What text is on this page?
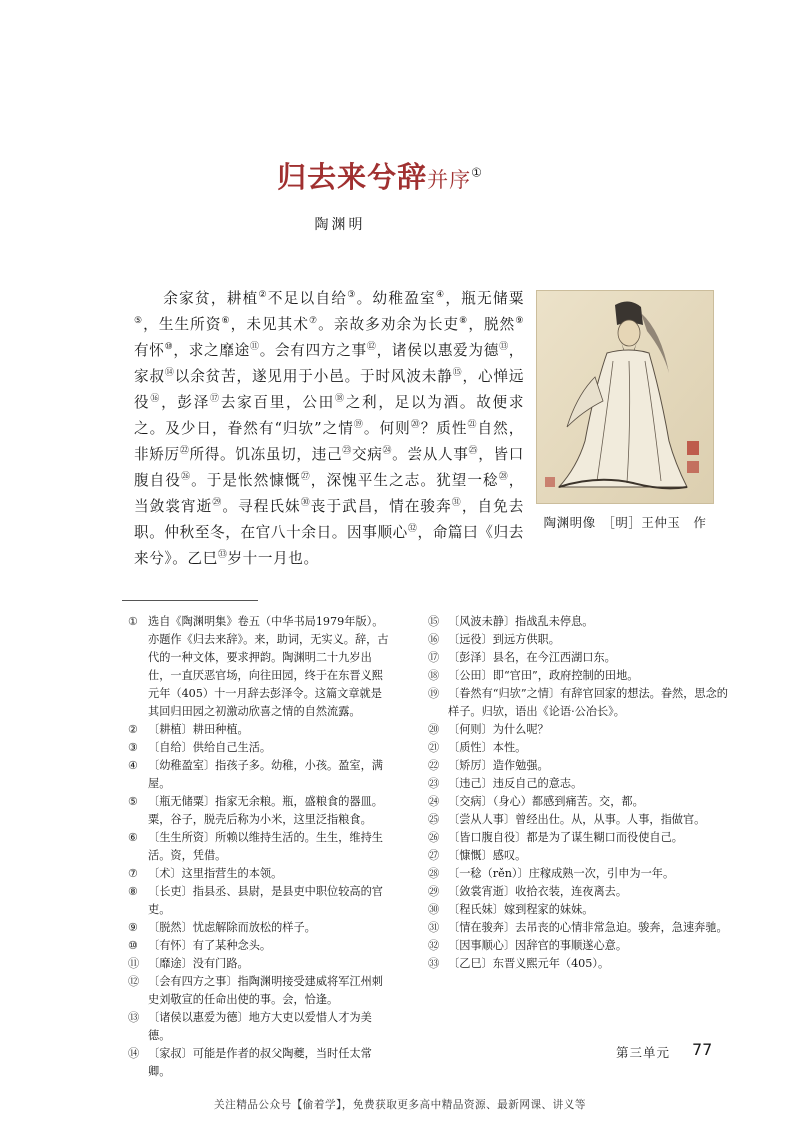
归去来兮辞并序①
陶渊明
余家贫，耕植②不足以自给③。幼稚盈室④，瓶无储粟⑤，生生所资⑥，未见其术⑦。亲故多劝余为长吏⑧，脱然⑨有怀⑩，求之靡途⑪。会有四方之事⑫，诸侯以惠爱为德⑬，家叔⑭以余贫苦，遂见用于小邑。于时风波未静⑮，心惮远役⑯，彭泽⑰去家百里，公田⑱之利，足以为酒。故便求之。及少日，眷然有“归欤”之情⑲。何则⑳？质性$^㉑$自然，非矫厉$^㉒$所得。饥冻虽切，违己$^㉓$交病$^㉔$。尝从人事$^㉕$，皆口腹自役$^㉖$。于是怅然慷慨$^㉗$，深愧平生之志。犹望一稔$^㉘$，当敛裳宵逝$^㉙$。寻程氏妹$^㉚$丧于武昌，情在骏奔$^㉛$，自免去职。仲秋至冬，在官八十余日。因事顺心$^㉜$，命篇曰《归去来兮》。乙巳$^㉝$岁十一月也。
陶渊明像　［明］王仲玉　作
① 选自《陶渊明集》卷五（中华书局1979年版）。亦题作《归去来辞》。来，助词，无实义。辞，古代的一种文体，要求押韵。陶渊明二十九岁出仕，一直厌恶官场，向往田园，终于在东晋义熙元年（405）十一月辞去彭泽令。这篇文章就是其回归田园之初激动欣喜之情的自然流露。
② 〔耕植〕耕田种植。
③ 〔自给〕供给自己生活。
④ 〔幼稚盈室〕指孩子多。幼稚，小孩。盈室，满屋。
⑤ 〔瓶无储粟〕指家无余粮。瓶，盛粮食的器皿。粟，谷子，脱壳后称为小米，这里泛指粮食。
⑥ 〔生生所资〕所赖以维持生活的。生生，维持生活。资，凭借。
⑦ 〔术〕这里指营生的本领。
⑧ 〔长吏〕指县丞、县尉，是县吏中职位较高的官吏。
⑨ 〔脱然〕忧虑解除而放松的样子。
⑩ 〔有怀〕有了某种念头。
⑪ 〔靡途〕没有门路。
⑫ 〔会有四方之事〕指陶渊明接受建威将军江州刺史刘敬宣的任命出使的事。会，恰逢。
⑬ 〔诸侯以惠爱为德〕地方大吏以爱惜人才为美德。
⑭ 〔家叔〕可能是作者的叔父陶夔，当时任太常卿。
⑮ 〔风波未静〕指战乱未停息。
⑯ 〔远役〕到远方供职。
⑰ 〔彭泽〕县名，在今江西湖口东。
⑱ 〔公田〕即“官田”，政府控制的田地。
⑲ 〔眷然有“归欤”之情〕有辞官回家的想法。眷然，思念的样子。归欤，语出《论语·公冶长》。
⑳ 〔何则〕为什么呢？
㉑ 〔质性〕本性。
㉒ 〔矫厉〕造作勉强。
㉓ 〔违己〕违反自己的意志。
㉔ 〔交病〕（身心）都感到痛苦。交，都。
㉕ 〔尝从人事〕曾经出仕。从，从事。人事，指做官。
㉖ 〔皆口腹自役〕都是为了谋生糊口而役使自己。
㉗ 〔慷慨〕感叹。
㉘ 〔一稔（rěn）〕庄稼成熟一次，引申为一年。
㉙ 〔敛裳宵逝〕收拾衣装，连夜离去。
㉚ 〔程氏妹〕嫁到程家的妹妹。
㉛ 〔情在骏奔〕去吊丧的心情非常急迫。骏奔，急速奔驰。
㉜ 〔因事顺心〕因辞官的事顺遂心意。
㉝ 〔乙巳〕东晋义熙元年（405）。
第三单元 77
关注精品公众号【偷着学】，免费获取更多高中精品资源、最新网课、讲义等
